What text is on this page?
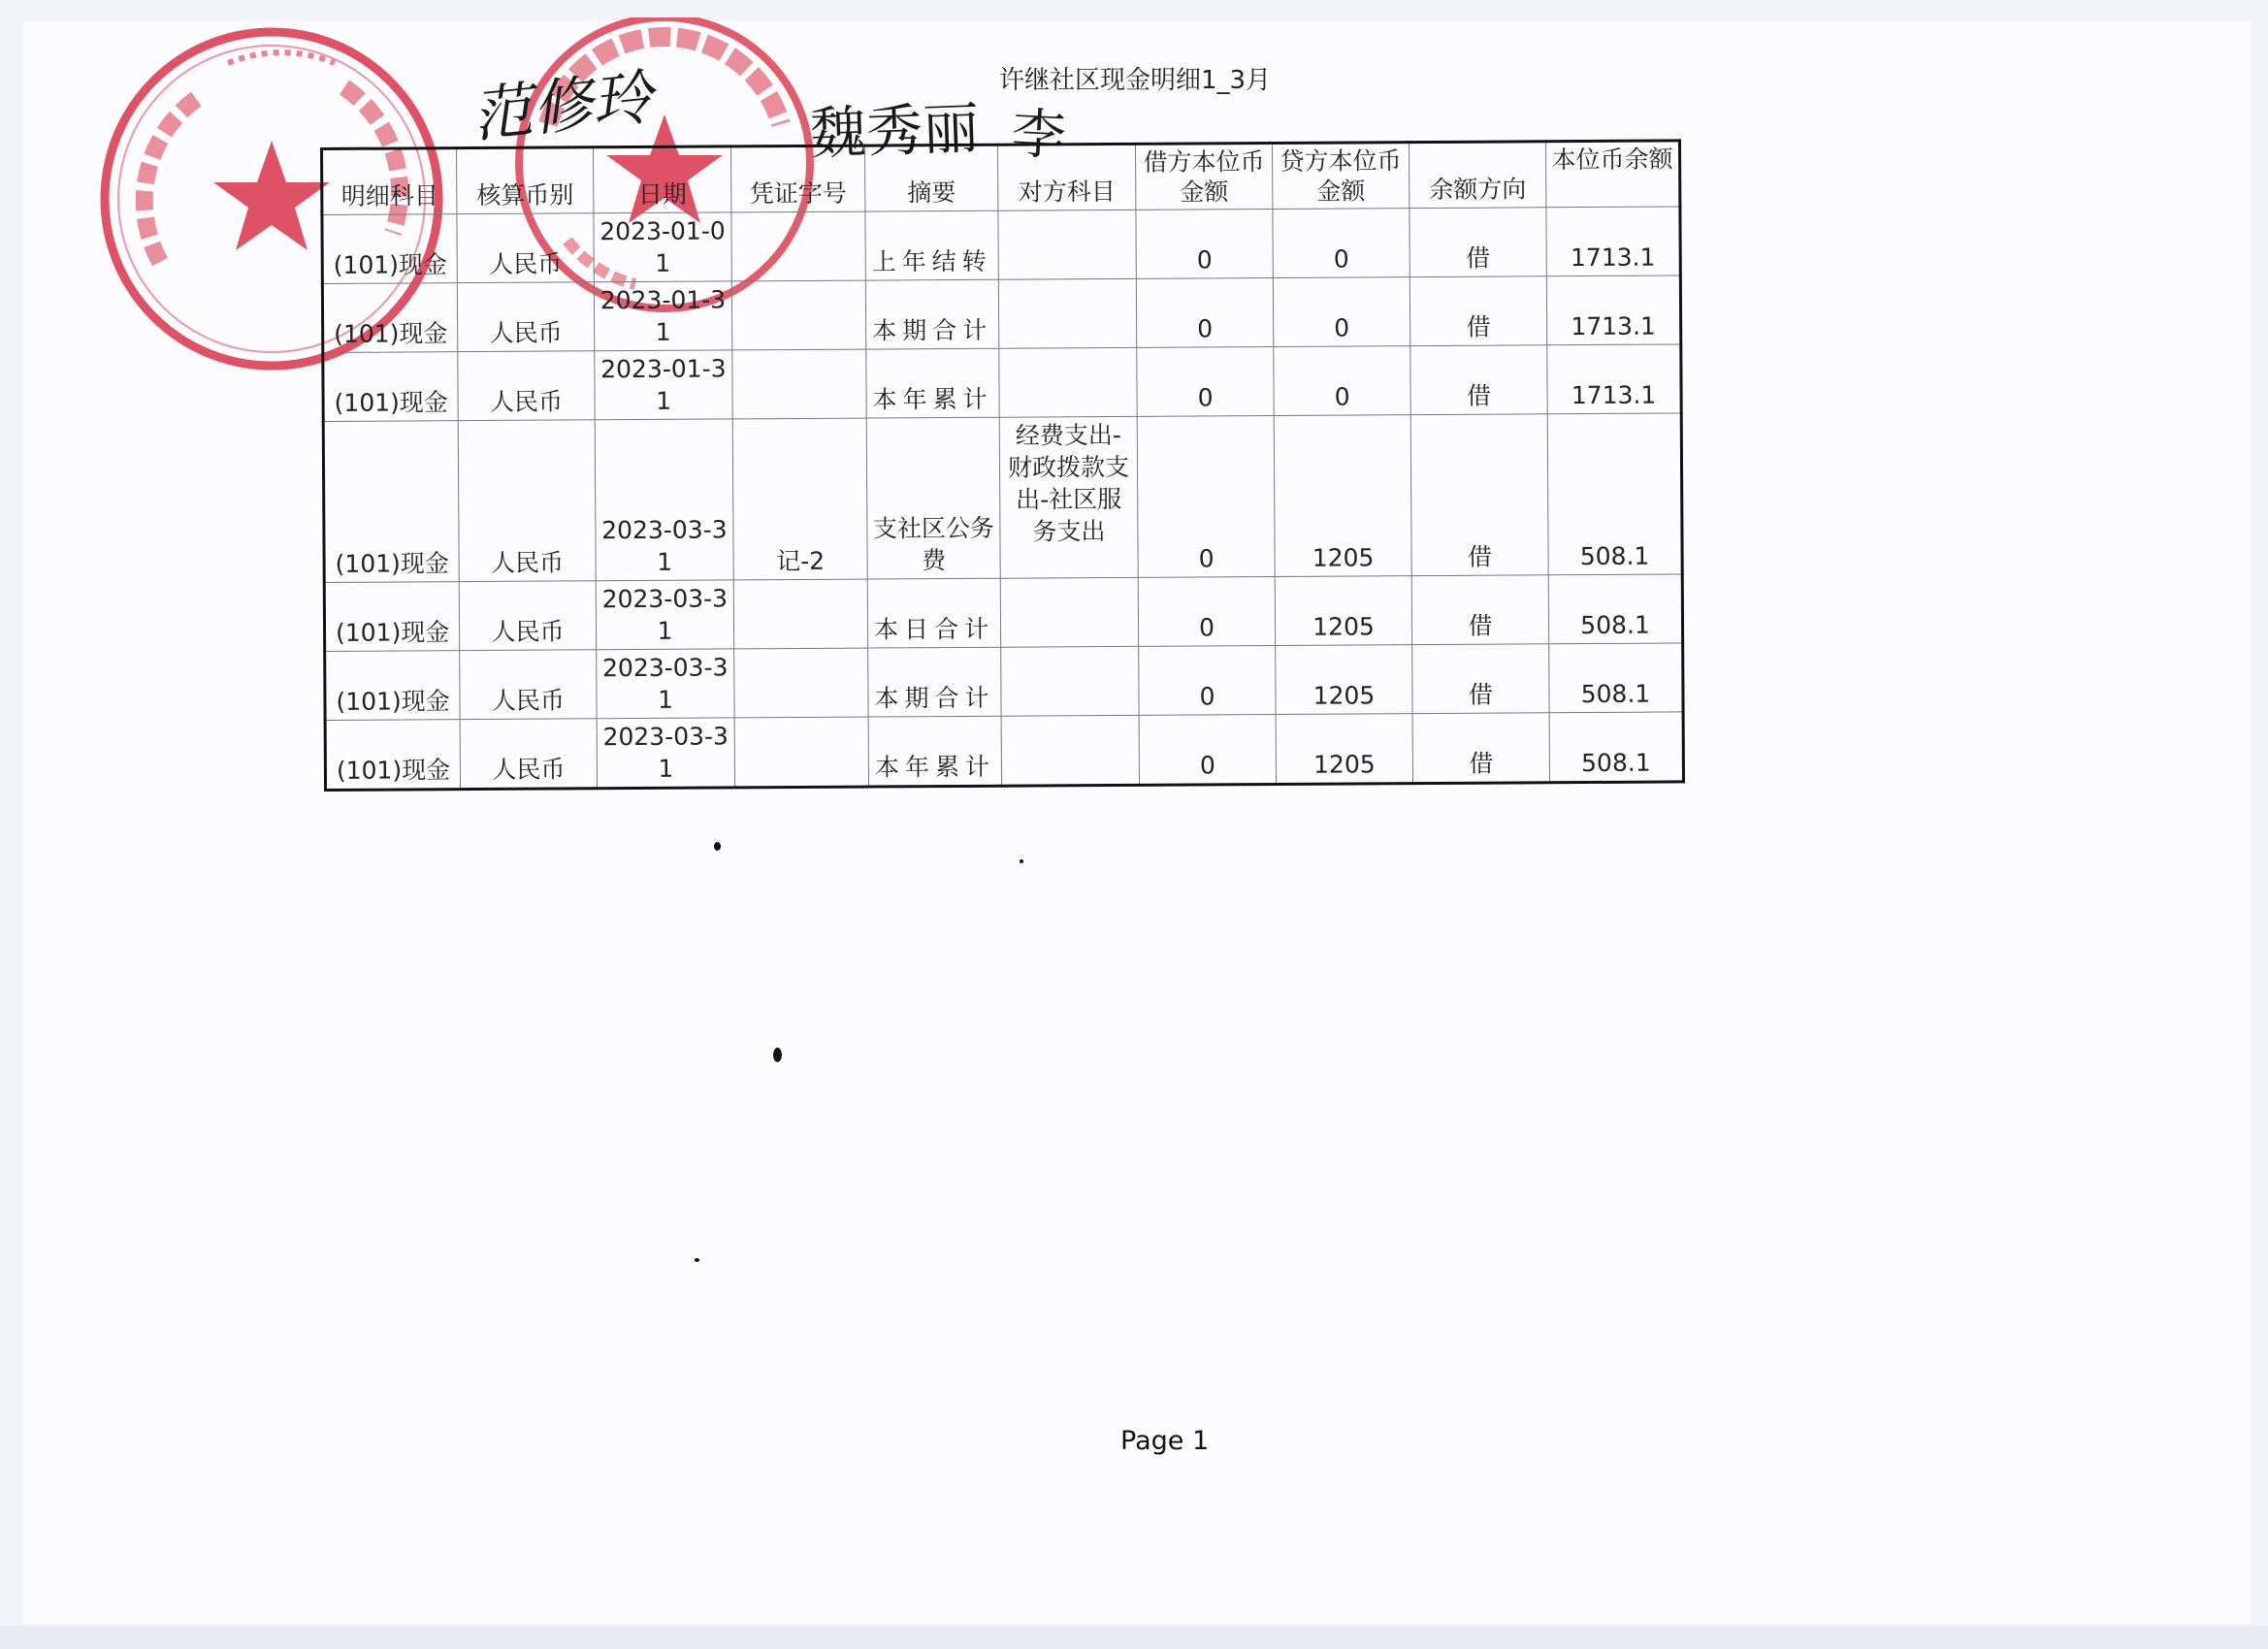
范修玲	魏秀丽 李
许继社区现金明细1_3月
明细科目	核算币别	日期	凭证字号	摘要	对方科目	借方本位币金额	贷方本位币金额	余额方向	本位币余额
(101)现金	人民币	2023-01-01		上年结转		0	0	借	1713.1
(101)现金	人民币	2023-01-31		本期合计		0	0	借	1713.1
(101)现金	人民币	2023-01-31		本年累计		0	0	借	1713.1
(101)现金	人民币	2023-03-31	记-2	支社区公务费	经费支出-财政拨款支出-社区服务支出	0	1205	借	508.1
(101)现金	人民币	2023-03-31		本日合计		0	1205	借	508.1
(101)现金	人民币	2023-03-31		本期合计		0	1205	借	508.1
(101)现金	人民币	2023-03-31		本年累计		0	1205	借	508.1
Page 1
